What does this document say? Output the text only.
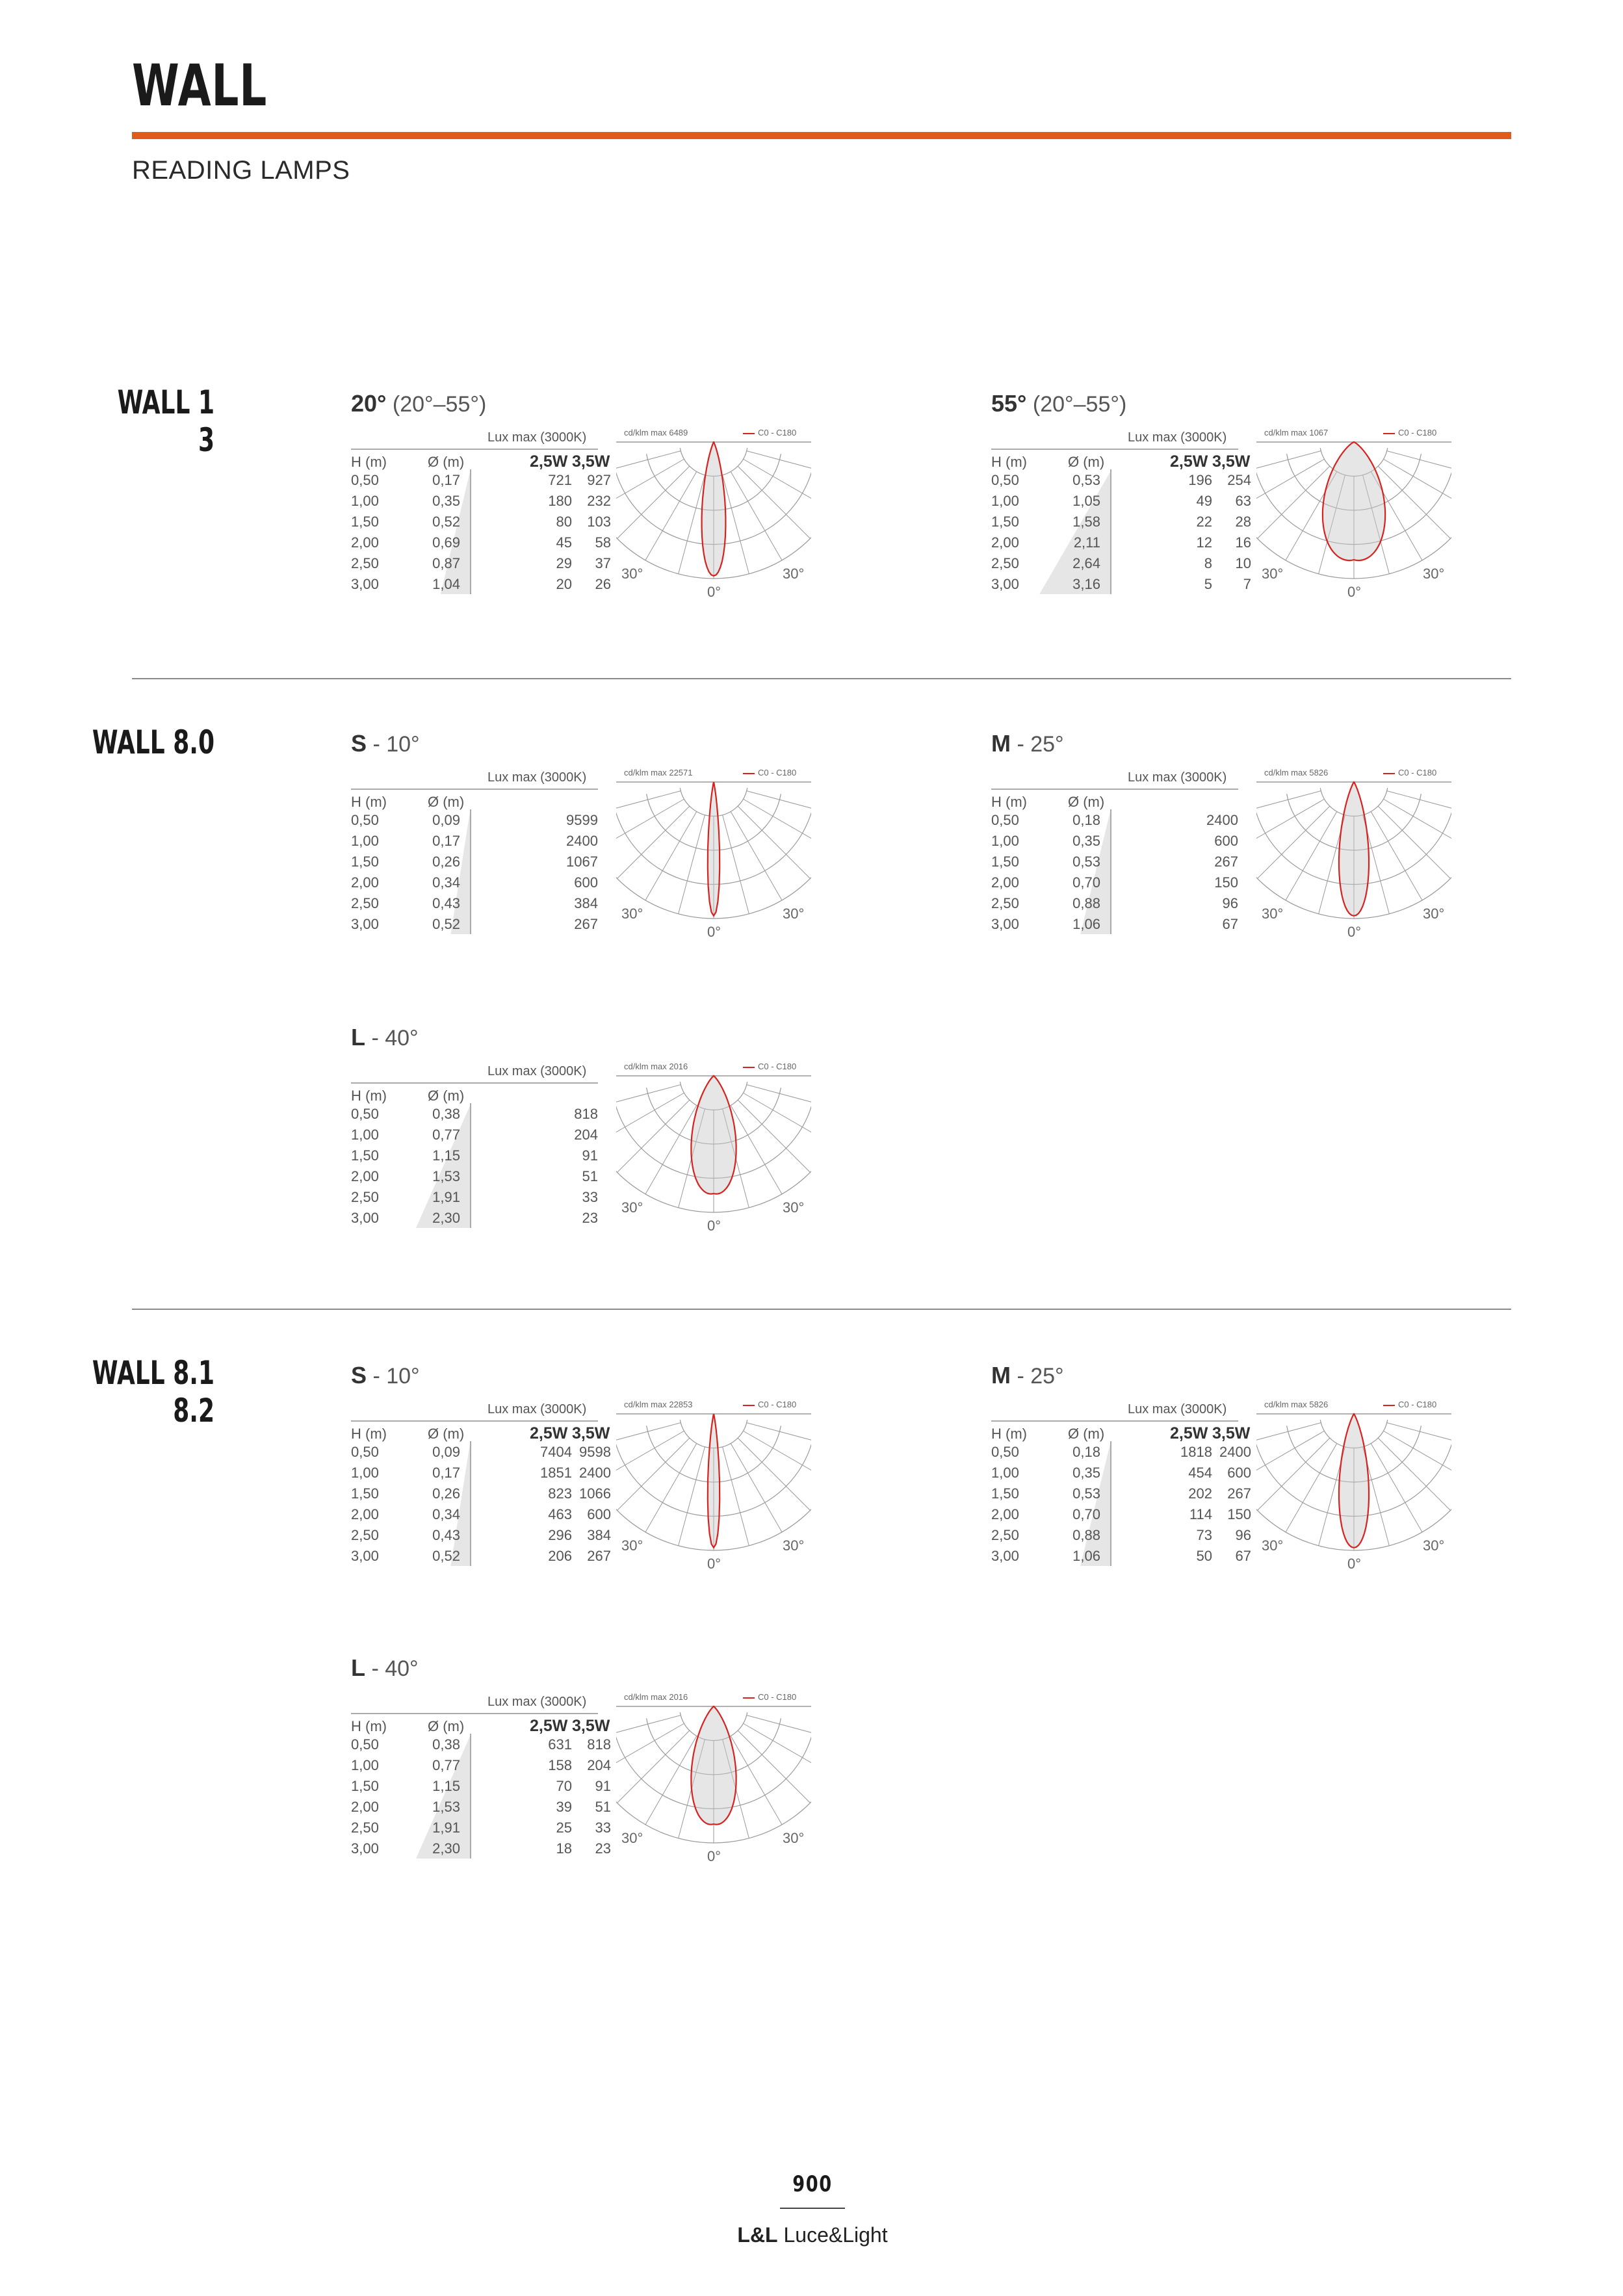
WALL
READING LAMPS
WALL 1
3
20° (20°–55°)
Lux max (3000K)
H (m)	Ø (m)	2,5W 3,5W
0,50	0,17	721 927
1,00	0,35	180 232
1,50	0,52	80 103
2,00	0,69	45 58
2,50	0,87	29 37
3,00	1,04	20 26
cd/klm max 6489	C0 - C180
30°	30°
0°
55° (20°–55°)
Lux max (3000K)
H (m)	Ø (m)	2,5W 3,5W
0,50	0,53	196 254
1,00	1,05	49 63
1,50	1,58	22 28
2,00	2,11	12 16
2,50	2,64	8 10
3,00	3,16	5 7
cd/klm max 1067	C0 - C180
30°	30°
0°
WALL 8.0	S - 10°
Lux max (3000K)
H (m)	Ø (m)
0,50	0,09	9599
1,00	0,17	2400
1,50	0,26	1067
2,00	0,34	600
2,50	0,43	384
3,00	0,52	267
cd/klm max 22571	C0 - C180
30°	30°
0°
M - 25°
Lux max (3000K)
H (m)	Ø (m)
0,50	0,18	2400
1,00	0,35	600
1,50	0,53	267
2,00	0,70	150
2,50	0,88	96
3,00	1,06	67
cd/klm max 5826	C0 - C180
30°	30°
0°
L - 40°
Lux max (3000K)
H (m)	Ø (m)
0,50	0,38	818
1,00	0,77	204
1,50	1,15	91
2,00	1,53	51
2,50	1,91	33
3,00	2,30	23
cd/klm max 2016	C0 - C180
30°	30°
0°
WALL 8.1
8.2
S - 10°
Lux max (3000K)
H (m)	Ø (m)	2,5W 3,5W
0,50	0,09	7404 9598
1,00	0,17	1851 2400
1,50	0,26	823 1066
2,00	0,34	463 600
2,50	0,43	296 384
3,00	0,52	206 267
cd/klm max 22853	C0 - C180
30°	30°
0°
M - 25°
Lux max (3000K)
H (m)	Ø (m)	2,5W 3,5W
0,50	0,18	1818 2400
1,00	0,35	454 600
1,50	0,53	202 267
2,00	0,70	114 150
2,50	0,88	73 96
3,00	1,06	50 67
cd/klm max 5826	C0 - C180
30°	30°
0°
L - 40°
Lux max (3000K)
H (m)	Ø (m)	2,5W 3,5W
0,50	0,38	631 818
1,00	0,77	158 204
1,50	1,15	70 91
2,00	1,53	39 51
2,50	1,91	25 33
3,00	2,30	18 23
cd/klm max 2016	C0 - C180
30°	30°
0°
900
L&L Luce&Light
